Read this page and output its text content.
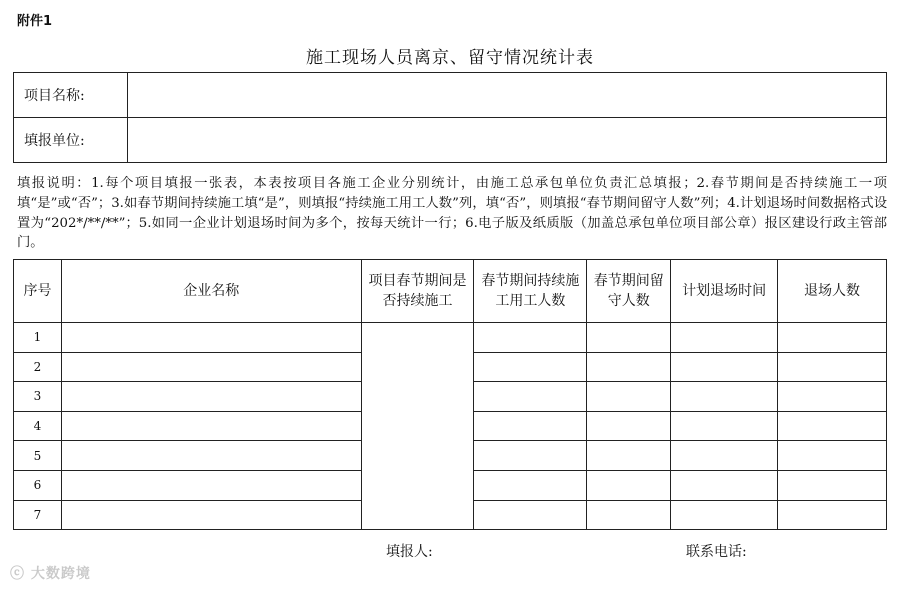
附件1
施工现场人员离京、留守情况统计表
项目名称:	
填报单位:	
填报说明：1.每个项目填报一张表，本表按项目各施工企业分别统计，由施工总承包单位负责汇总填报；2.春节期间是否持续施工一项填“是”或“否”；3.如春节期间持续施工填“是”，则填报“持续施工用工人数”列，填“否”，则填报“春节期间留守人数”列；4.计划退场时间数据格式设置为“202*/**/**”；5.如同一企业计划退场时间为多个，按每天统计一行；6.电子版及纸质版（加盖总承包单位项目部公章）报区建设行政主管部门。
序号	企业名称	项目春节期间是否持续施工	春节期间持续施工用工人数	春节期间留守人数	计划退场时间	退场人数
1						
2						
3						
4						
5						
6						
7						
填报人:	联系电话:
ⓒ 大数跨境
